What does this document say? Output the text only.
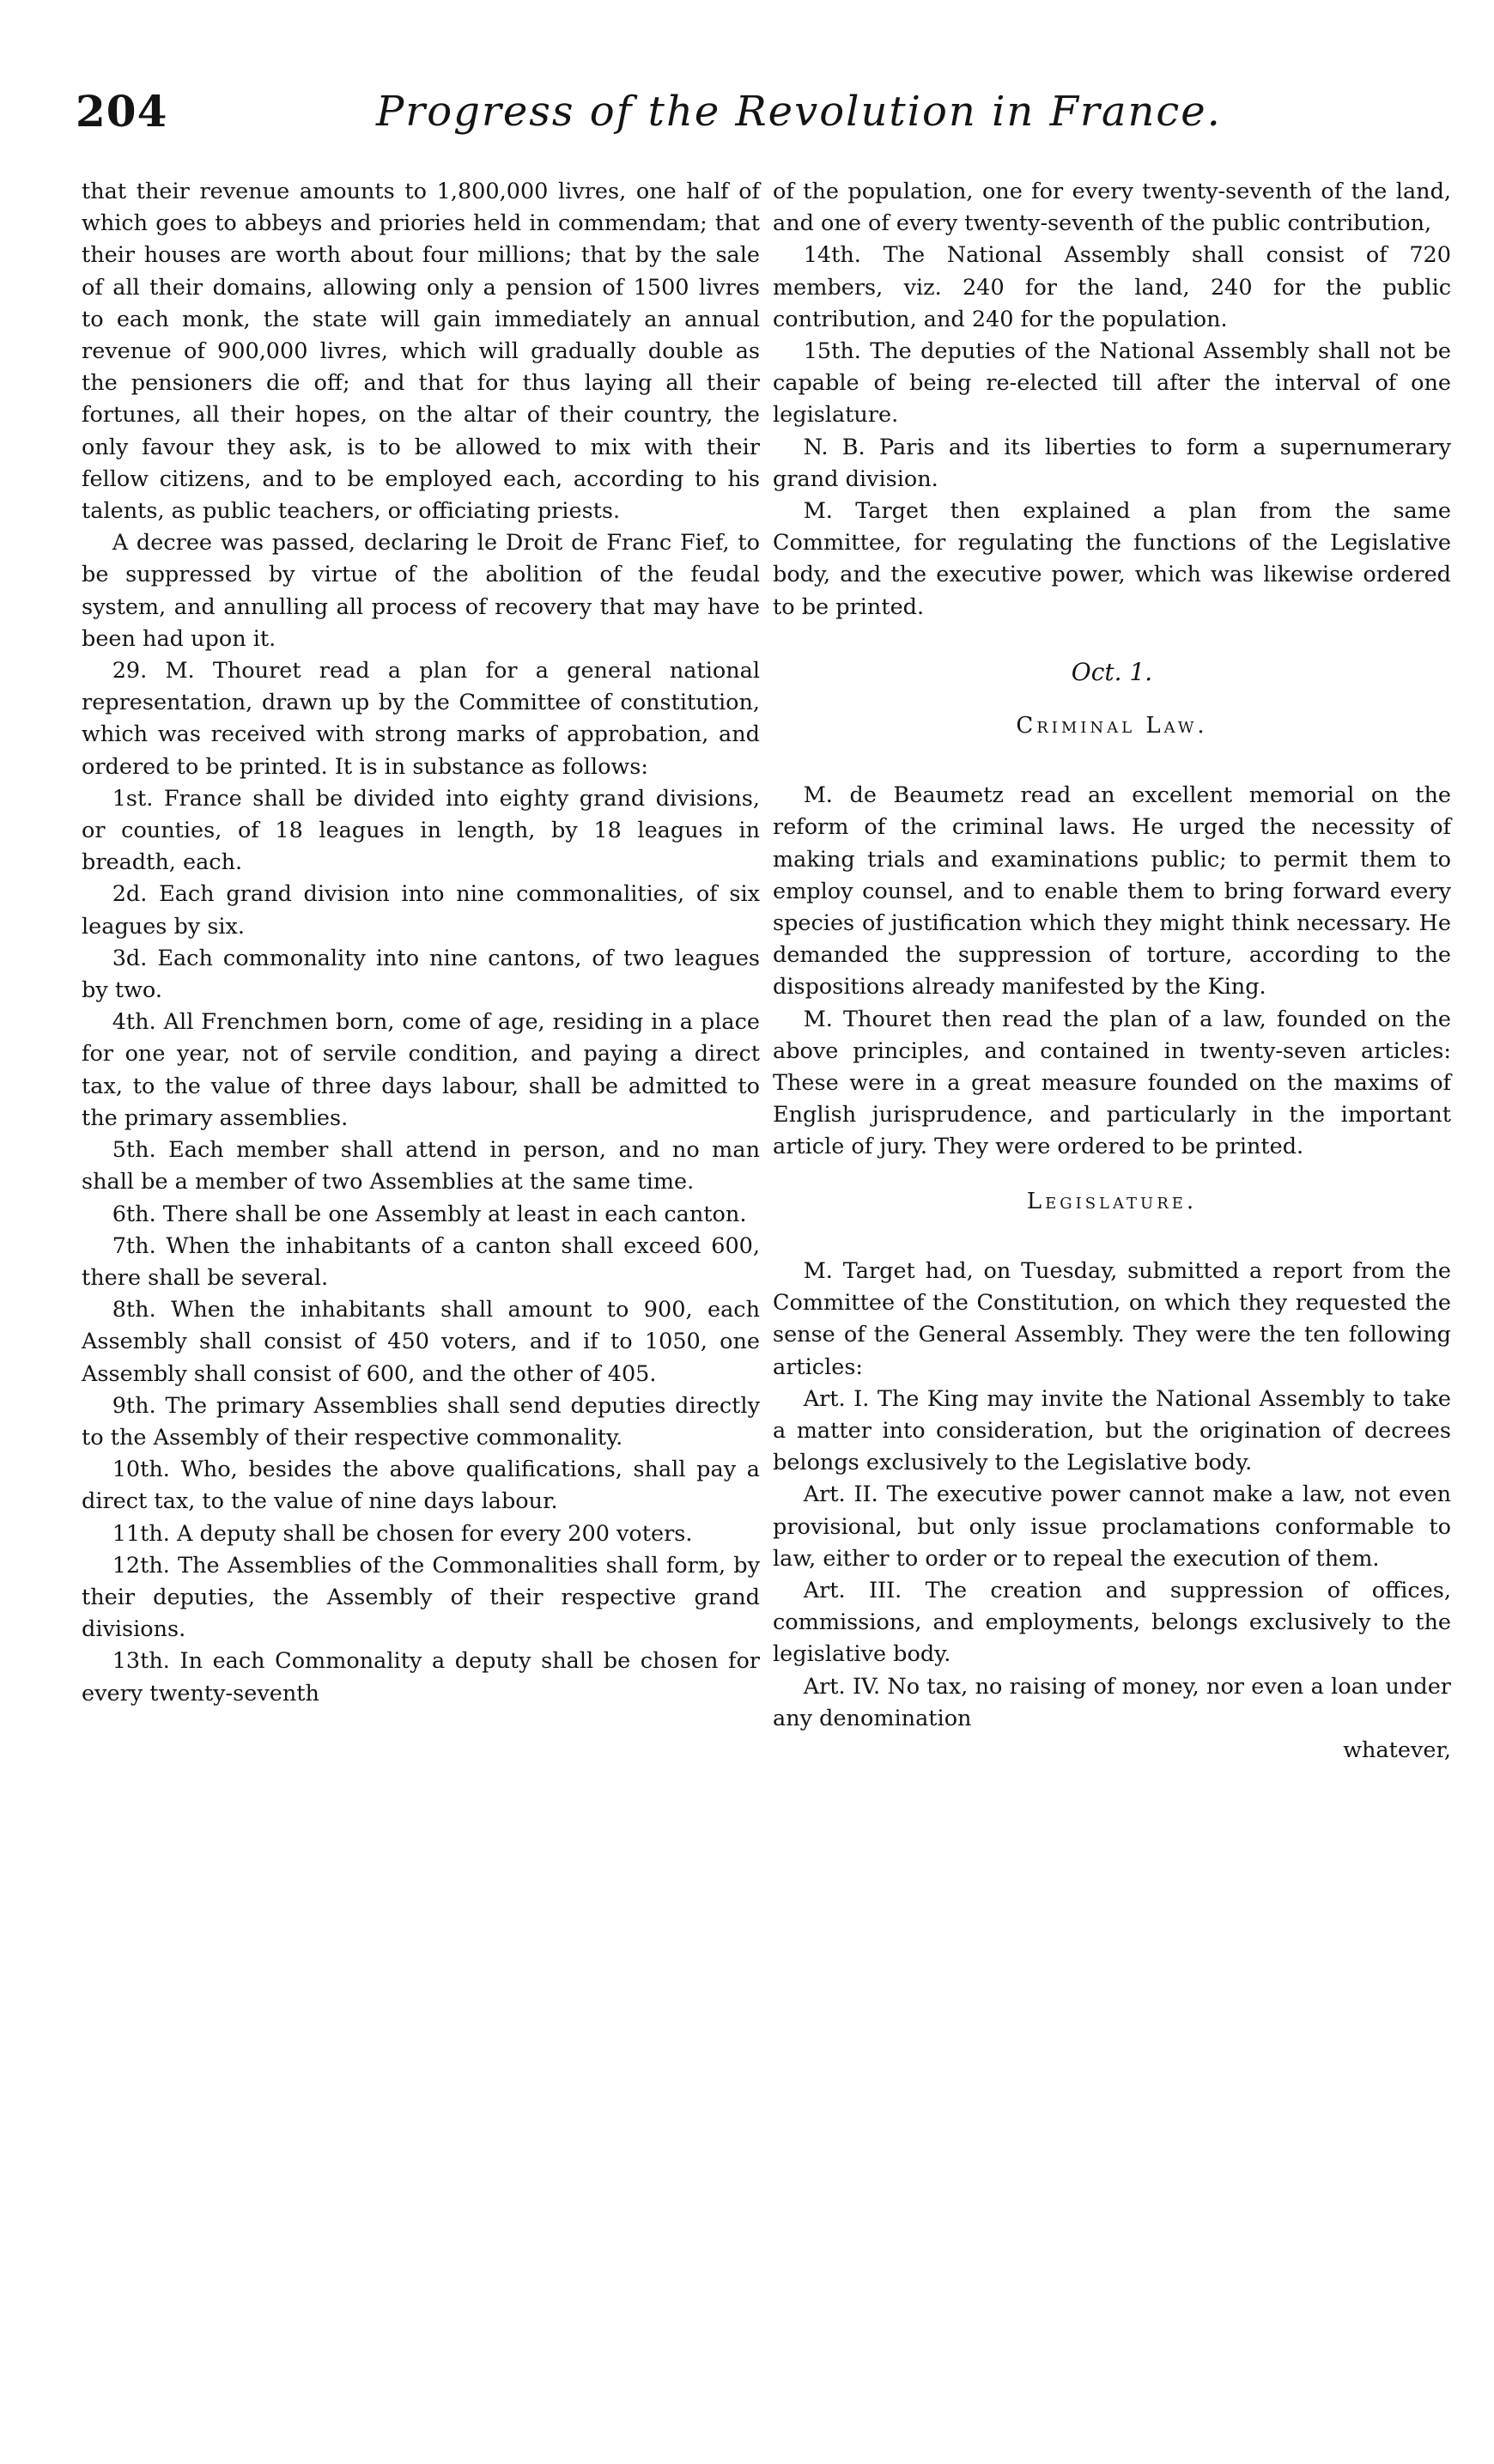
204	Progress of the Revolution in France.

that their revenue amounts to 1,800,000 livres, one half of which goes to abbeys and priories held in commendam; that their houses are worth about four millions; that by the sale of all their domains, allowing only a pension of 1500 livres to each monk, the state will gain immediately an annual revenue of 900,000 livres, which will gradually double as the pensioners die off; and that for thus laying all their fortunes, all their hopes, on the altar of their country, the only favour they ask, is to be allowed to mix with their fellow citizens, and to be employed each, according to his talents, as public teachers, or officiating priests.

A decree was passed, declaring le Droit de Franc Fief, to be suppressed by virtue of the abolition of the feudal system, and annulling all process of recovery that may have been had upon it.

29. M. Thouret read a plan for a general national representation, drawn up by the Committee of constitution, which was received with strong marks of approbation, and ordered to be printed. It is in substance as follows:

1st. France shall be divided into eighty grand divisions, or counties, of 18 leagues in length, by 18 leagues in breadth, each.

2d. Each grand division into nine commonalities, of six leagues by six.

3d. Each commonality into nine cantons, of two leagues by two.

4th. All Frenchmen born, come of age, residing in a place for one year, not of servile condition, and paying a direct tax, to the value of three days labour, shall be admitted to the primary assemblies.

5th. Each member shall attend in person, and no man shall be a member of two Assemblies at the same time.

6th. There shall be one Assembly at least in each canton.

7th. When the inhabitants of a canton shall exceed 600, there shall be several.

8th. When the inhabitants shall amount to 900, each Assembly shall consist of 450 voters, and if to 1050, one Assembly shall consist of 600, and the other of 405.

9th. The primary Assemblies shall send deputies directly to the Assembly of their respective commonality.

10th. Who, besides the above qualifications, shall pay a direct tax, to the value of nine days labour.

11th. A deputy shall be chosen for every 200 voters.

12th. The Assemblies of the Commonalities shall form, by their deputies, the Assembly of their respective grand divisions.

13th. In each Commonality a deputy shall be chosen for every twenty-seventh

of the population, one for every twenty-seventh of the land, and one of every twenty-seventh of the public contribution,

14th. The National Assembly shall consist of 720 members, viz. 240 for the land, 240 for the public contribution, and 240 for the population.

15th. The deputies of the National Assembly shall not be capable of being re-elected till after the interval of one legislature.

N. B. Paris and its liberties to form a supernumerary grand division.

M. Target then explained a plan from the same Committee, for regulating the functions of the Legislative body, and the executive power, which was likewise ordered to be printed.

Oct. 1.
Criminal Law.

M. de Beaumetz read an excellent memorial on the reform of the criminal laws. He urged the necessity of making trials and examinations public; to permit them to employ counsel, and to enable them to bring forward every species of justification which they might think necessary. He demanded the suppression of torture, according to the dispositions already manifested by the King.

M. Thouret then read the plan of a law, founded on the above principles, and contained in twenty-seven articles: These were in a great measure founded on the maxims of English jurisprudence, and particularly in the important article of jury. They were ordered to be printed.

Legislature.

M. Target had, on Tuesday, submitted a report from the Committee of the Constitution, on which they requested the sense of the General Assembly. They were the ten following articles:

Art. I. The King may invite the National Assembly to take a matter into consideration, but the origination of decrees belongs exclusively to the Legislative body.

Art. II. The executive power cannot make a law, not even provisional, but only issue proclamations conformable to law, either to order or to repeal the execution of them.

Art. III. The creation and suppression of offices, commissions, and employments, belongs exclusively to the legislative body.

Art. IV. No tax, no raising of money, nor even a loan under any denomination

whatever,
